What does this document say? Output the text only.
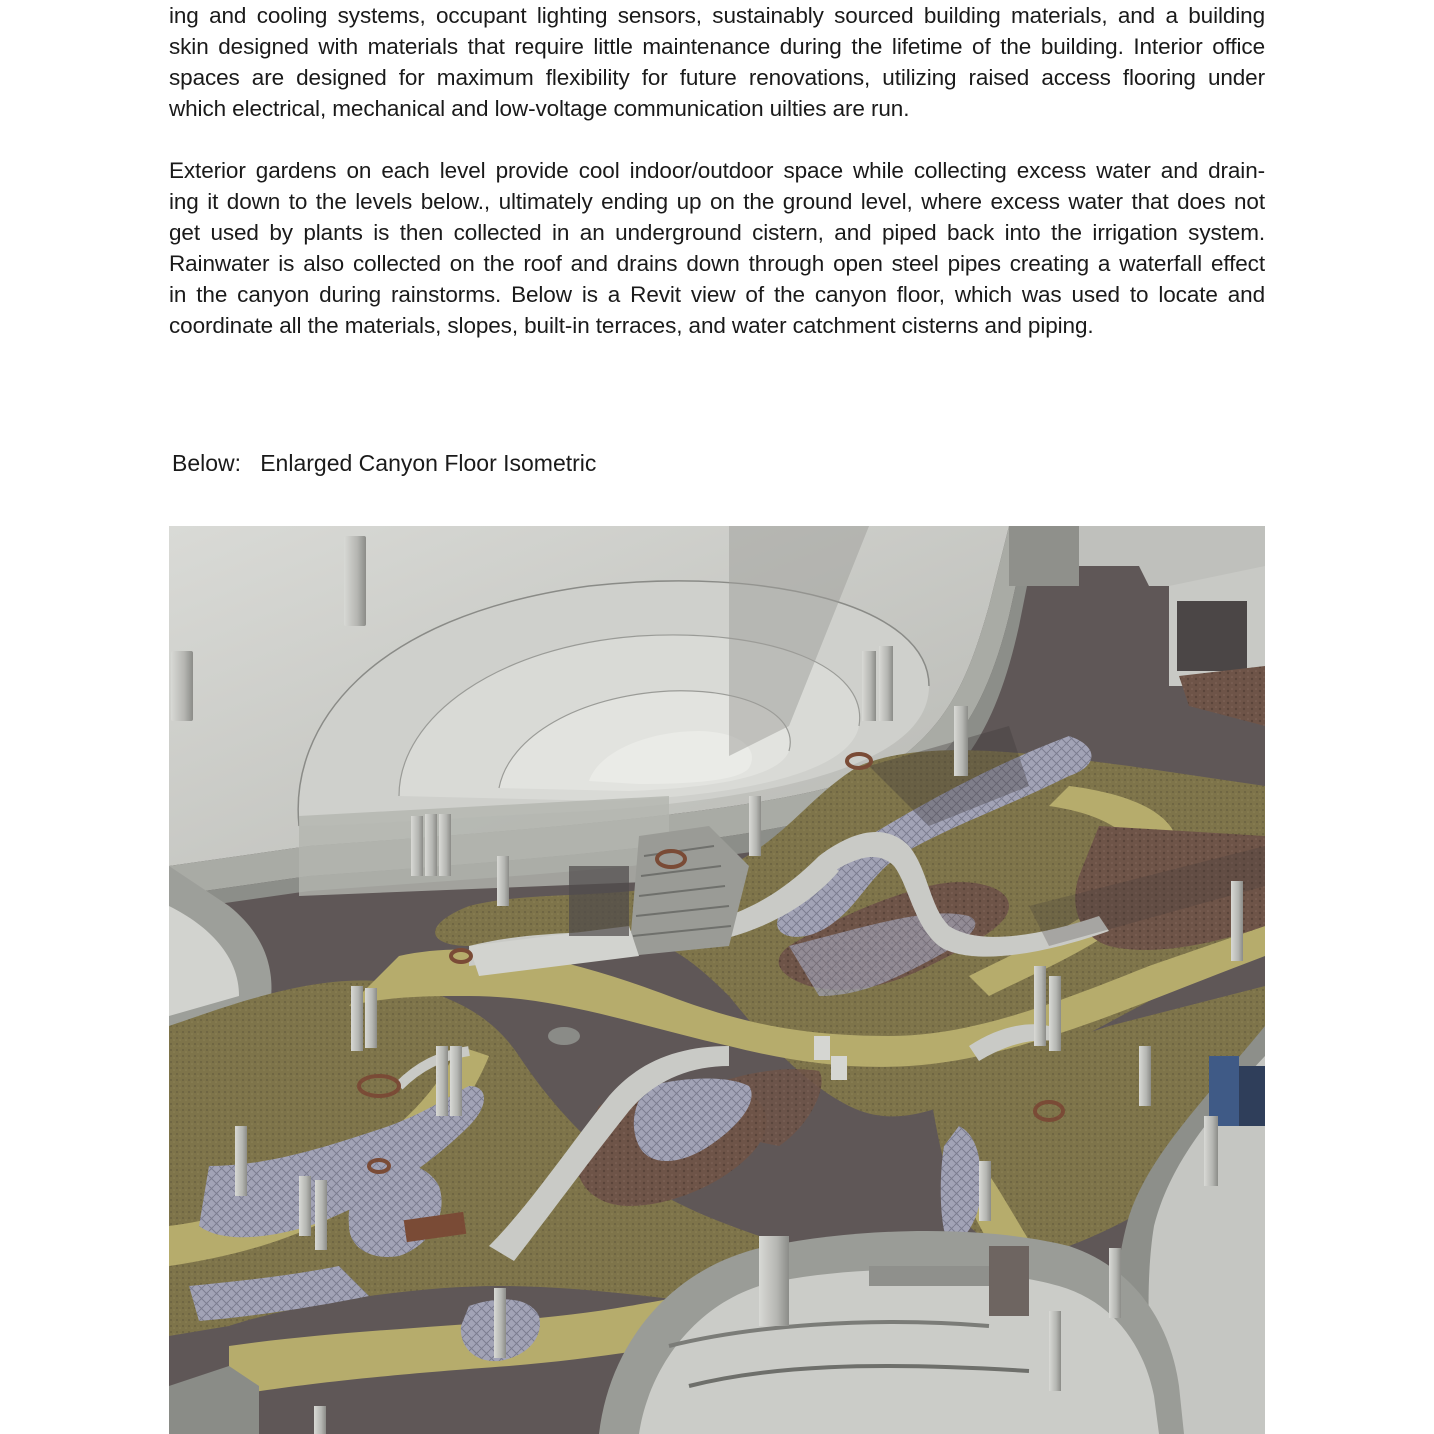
ing and cooling systems, occupant lighting sensors, sustainably sourced building materials, and a building
skin designed with materials that require little maintenance during the lifetime of the building. Interior office
spaces are designed for maximum flexibility for future renovations, utilizing raised access flooring under
which electrical, mechanical and low-voltage communication uilties are run.
Exterior gardens on each level provide cool indoor/outdoor space while collecting excess water and drain-
ing it down to the levels below., ultimately ending up on the ground level, where excess water that does not
get used by plants is then collected in an underground cistern, and piped back into the irrigation system.
Rainwater is also collected on the roof and drains down through open steel pipes creating a waterfall effect
in the canyon during rainstorms. Below is a Revit view of the canyon floor, which was used to locate and
coordinate all the materials, slopes, built-in terraces, and water catchment cisterns and piping.
Below:   Enlarged Canyon Floor Isometric
